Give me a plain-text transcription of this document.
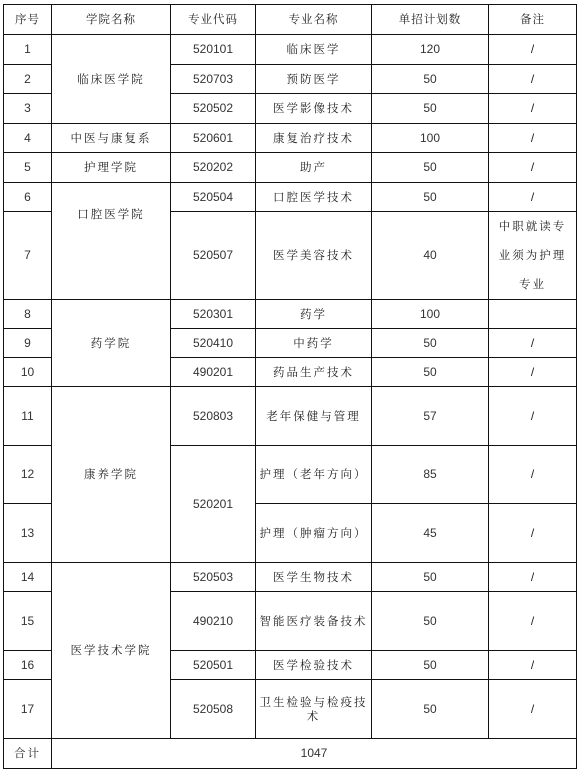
序号	学院名称	专业代码	专业名称	单招计划数	备注
1	临床医学院	520101	临床医学	120	/
2		520703	预防医学	50	/
3		520502	医学影像技术	50	/
4	中医与康复系	520601	康复治疗技术	100	/
5	护理学院	520202	助产	50	/
6	口腔医学院	520504	口腔医学技术	50	/
7		520507	医学美容技术	40	中职就读专
业须为护理
专业

8	药学院	520301	药学	100	
9		520410	中药学	50	/
10		490201	药品生产技术	50	/
11	康养学院	520803	老年保健与管理	57	/
12		520201	护理（老年方向）	85	/
13			护理（肿瘤方向）	45	/
14	医学技术学院	520503	医学生物技术	50	/
15		490210	智能医疗装备技术	50	/
16		520501	医学检验技术	50	/
17		520508	卫生检验与检疫技术	50	/
合计	1047				
